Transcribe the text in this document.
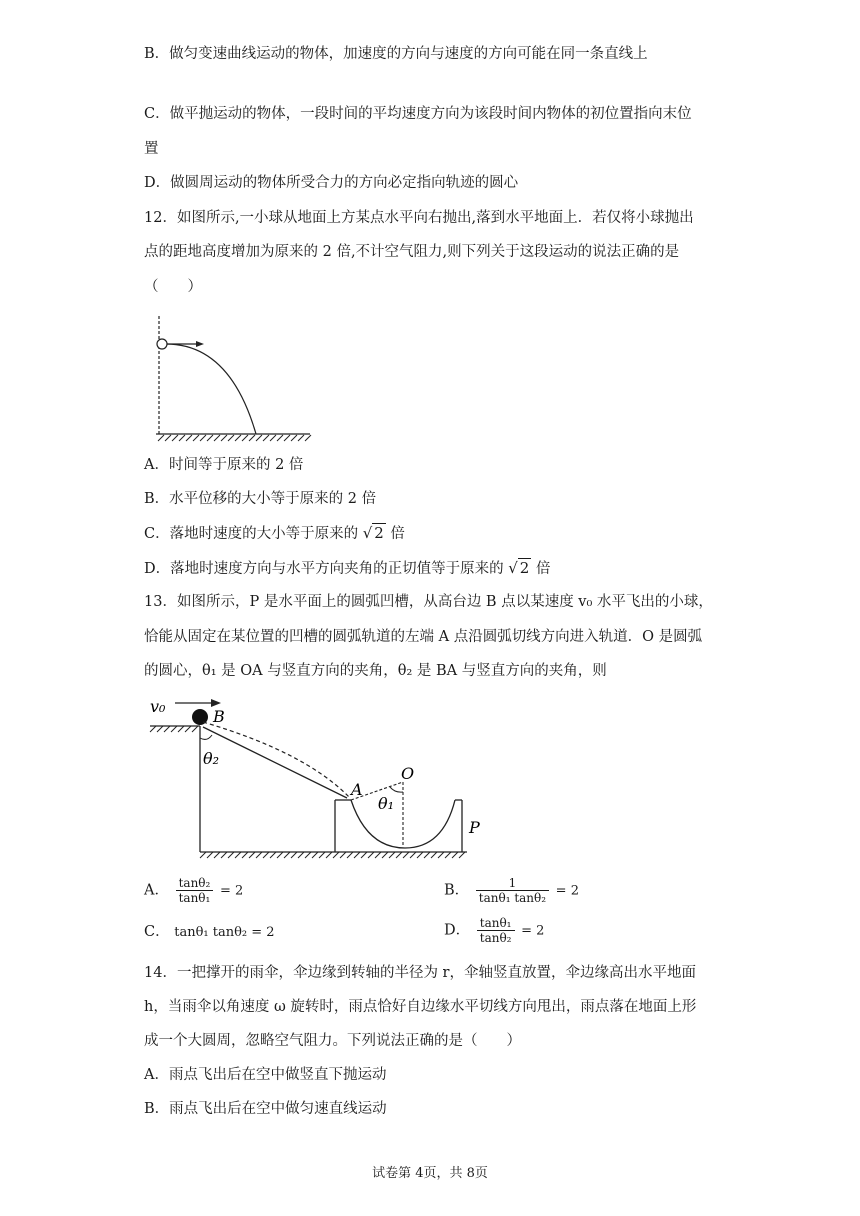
B．做匀变速曲线运动的物体，加速度的方向与速度的方向可能在同一条直线上
C．做平抛运动的物体，一段时间的平均速度方向为该段时间内物体的初位置指向末位
置
D．做圆周运动的物体所受合力的方向必定指向轨迹的圆心
12．如图所示,一小球从地面上方某点水平向右抛出,落到水平地面上．若仅将小球抛出
点的距地高度增加为原来的 2 倍,不计空气阻力,则下列关于这段运动的说法正确的是
（　　）
A．时间等于原来的 2 倍
B．水平位移的大小等于原来的 2 倍
C．落地时速度的大小等于原来的 √ 2 倍
D．落地时速度方向与水平方向夹角的正切值等于原来的 √ 2 倍
13．如图所示，P 是水平面上的圆弧凹槽，从高台边 B 点以某速度 v₀ 水平飞出的小球，
恰能从固定在某位置的凹槽的圆弧轨道的左端 A 点沿圆弧切线方向进入轨道．O 是圆弧
的圆心，θ₁ 是 OA 与竖直方向的夹角，θ₂ 是 BA 与竖直方向的夹角，则
v₀
B
θ₂
A
O
θ₁
P
A． $\frac{\text{tanθ₂}}{\text{tanθ₁}} = 2$	B． $\frac{1}{\text{tanθ₁ tanθ₂}} = 2$
C． tanθ₁ tanθ₂ = 2	D． $\frac{\text{tanθ₁}}{\text{tanθ₂}} = 2$
14．一把撑开的雨伞，伞边缘到转轴的半径为 r，伞轴竖直放置，伞边缘高出水平地面
h，当雨伞以角速度 ω 旋转时，雨点恰好自边缘水平切线方向甩出，雨点落在地面上形
成一个大圆周，忽略空气阻力。下列说法正确的是（　　）
A．雨点飞出后在空中做竖直下抛运动
B．雨点飞出后在空中做匀速直线运动
试卷第 4页，共 8页
